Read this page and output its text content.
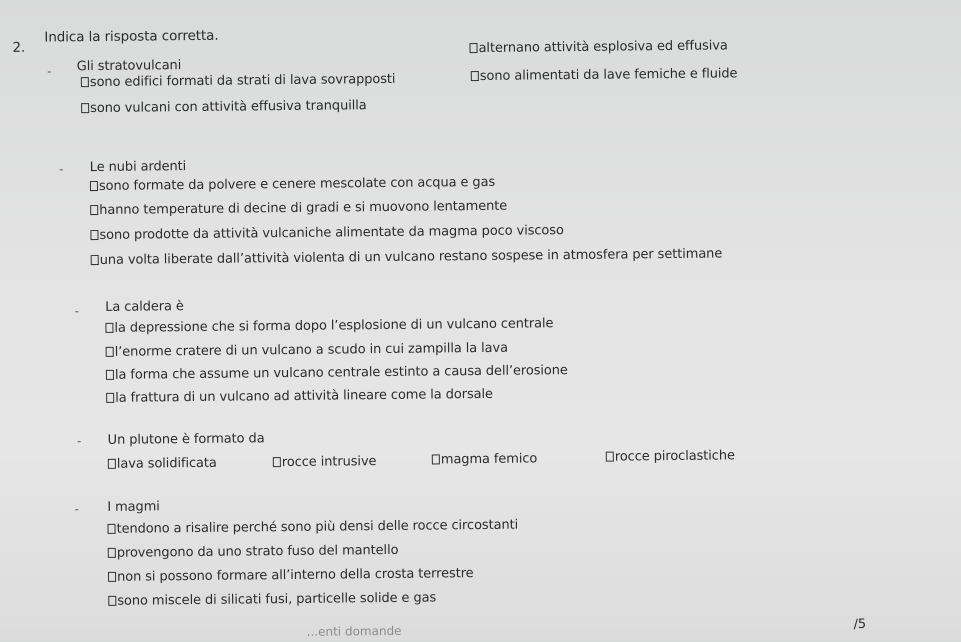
2.
Indica la risposta corretta.
Gli stratovulcani
sono edifici formati da strati di lava sovrapposti
alternano attività esplosiva ed effusiva
sono vulcani con attività effusiva tranquilla
sono alimentati da lave femiche e fluide
Le nubi ardenti
sono formate da polvere e cenere mescolate con acqua e gas
hanno temperature di decine di gradi e si muovono lentamente
sono prodotte da attività vulcaniche alimentate da magma poco viscoso
una volta liberate dall’attività violenta di un vulcano restano sospese in atmosfera per settimane
La caldera è
la depressione che si forma dopo l’esplosione di un vulcano centrale
l’enorme cratere di un vulcano a scudo in cui zampilla la lava
la forma che assume un vulcano centrale estinto a causa dell’erosione
la frattura di un vulcano ad attività lineare come la dorsale
Un plutone è formato da
lava solidificata	rocce intrusive	magma femico	rocce piroclastiche
I magmi
tendono a risalire perché sono più densi delle rocce circostanti
provengono da uno strato fuso del mantello
non si possono formare all’interno della crosta terrestre
sono miscele di silicati fusi, particelle solide e gas
/5
...enti domande
